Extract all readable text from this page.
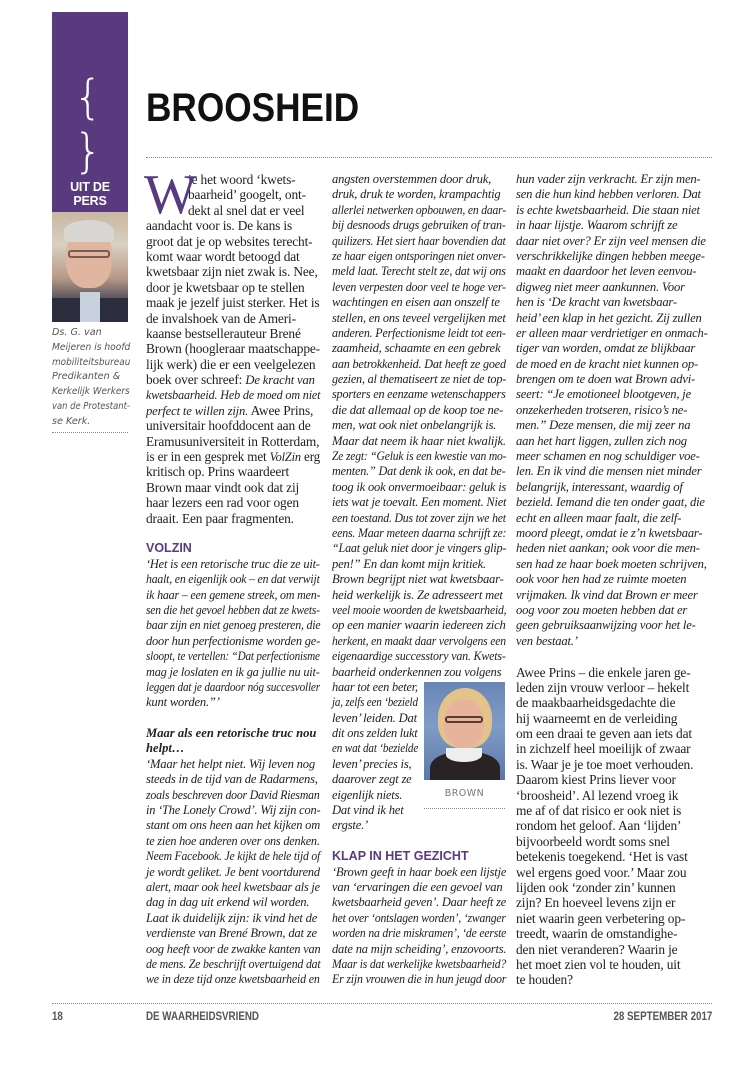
{ }
UIT DE PERS
Ds. G. van
Meijeren is hoofd
mobiliteitsbureau
Predikanten &
Kerkelijk Werkers
van de Protestant-
se Kerk.
BROOSHEID
W
ie het woord ‘kwets-
baarheid’ googelt, ont-
dekt al snel dat er veel
aandacht voor is. De kans is
groot dat je op websites terecht-
komt waar wordt betoogd dat
kwetsbaar zijn niet zwak is. Nee,
door je kwetsbaar op te stellen
maak je jezelf juist sterker. Het is
de invalshoek van de Ameri-
kaanse bestsellerauteur Brené
Brown (hoogleraar maatschappe-
lijk werk) die er een veelgelezen
boek over schreef: De kracht van
kwetsbaarheid. Heb de moed om niet
perfect te willen zijn. Awee Prins,
universitair hoofddocent aan de
Eramusuniversiteit in Rotterdam,
is er in een gesprek met VolZin erg
kritisch op. Prins waardeert
Brown maar vindt ook dat zij
haar lezers een rad voor ogen
draait. Een paar fragmenten.
VOLZIN
‘Het is een retorische truc die ze uit-
haalt, en eigenlijk ook – en dat verwijt
ik haar – een gemene streek, om men-
sen die het gevoel hebben dat ze kwets-
baar zijn en niet genoeg presteren, die
door hun perfectionisme worden ge-
sloopt, te vertellen: “Dat perfectionisme
mag je loslaten en ik ga jullie nu uit-
leggen dat je daardoor nóg succesvoller
kunt worden.”’
Maar als een retorische truc nou
helpt…
‘Maar het helpt niet. Wij leven nog
steeds in de tijd van de Radarmens,
zoals beschreven door David Riesman
in ‘The Lonely Crowd’. Wij zijn con-
stant om ons heen aan het kijken om
te zien hoe anderen over ons denken.
Neem Facebook. Je kijkt de hele tijd of
je wordt geliket. Je bent voortdurend
alert, maar ook heel kwetsbaar als je
dag in dag uit erkend wil worden.
Laat ik duidelijk zijn: ik vind het de
verdienste van Brené Brown, dat ze
oog heeft voor de zwakke kanten van
de mens. Ze beschrijft overtuigend dat
we in deze tijd onze kwetsbaarheid en
angsten overstemmen door druk,
druk, druk te worden, krampachtig
allerlei netwerken opbouwen, en daar-
bij desnoods drugs gebruiken of tran-
quilizers. Het siert haar bovendien dat
ze haar eigen ontsporingen niet onver-
meld laat. Terecht stelt ze, dat wij ons
leven verpesten door veel te hoge ver-
wachtingen en eisen aan onszelf te
stellen, en ons teveel vergelijken met
anderen. Perfectionisme leidt tot een-
zaamheid, schaamte en een gebrek
aan betrokkenheid. Dat heeft ze goed
gezien, al thematiseert ze niet de top-
sporters en eenzame wetenschappers
die dat allemaal op de koop toe ne-
men, wat ook niet onbelangrijk is.
Maar dat neem ik haar niet kwalijk.
Ze zegt: “Geluk is een kwestie van mo-
menten.” Dat denk ik ook, en dat be-
toog ik ook onvermoeibaar: geluk is
iets wat je toevalt. Een moment. Niet
een toestand. Dus tot zover zijn we het
eens. Maar meteen daarna schrijft ze:
“Laat geluk niet door je vingers glip-
pen!” En dan komt mijn kritiek.
Brown begrijpt niet wat kwetsbaar-
heid werkelijk is. Ze adresseert met
veel mooie woorden de kwetsbaarheid,
op een manier waarin iedereen zich
herkent, en maakt daar vervolgens een
eigenaardige successtory van. Kwets-
baarheid onderkennen zou volgens
haar tot een beter,
ja, zelfs een ‘bezield
leven’ leiden. Dat
dit ons zelden lukt
en wat dat ‘bezielde
leven’ precies is,
daarover zegt ze
eigenlijk niets.
Dat vind ik het
ergste.’
KLAP IN HET GEZICHT
‘Brown geeft in haar boek een lijstje
van ‘ervaringen die een gevoel van
kwetsbaarheid geven’. Daar heeft ze
het over ‘ontslagen worden’, ‘zwanger
worden na drie miskramen’, ‘de eerste
date na mijn scheiding’, enzovoorts.
Maar is dat werkelijke kwetsbaarheid?
Er zijn vrouwen die in hun jeugd door
hun vader zijn verkracht. Er zijn men-
sen die hun kind hebben verloren. Dat
is echte kwetsbaarheid. Die staan niet
in haar lijstje. Waarom schrijft ze
daar niet over? Er zijn veel mensen die
verschrikkelijke dingen hebben meege-
maakt en daardoor het leven eenvou-
digweg niet meer aankunnen. Voor
hen is ‘De kracht van kwetsbaar-
heid’ een klap in het gezicht. Zij zullen
er alleen maar verdrietiger en onmach-
tiger van worden, omdat ze blijkbaar
de moed en de kracht niet kunnen op-
brengen om te doen wat Brown advi-
seert: “Je emotioneel blootgeven, je
onzekerheden trotseren, risico’s ne-
men.” Deze mensen, die mij zeer na
aan het hart liggen, zullen zich nog
meer schamen en nog schuldiger voe-
len. En ik vind die mensen niet minder
belangrijk, interessant, waardig of
bezield. Iemand die ten onder gaat, die
echt en alleen maar faalt, die zelf-
moord pleegt, omdat ie z’n kwetsbaar-
heden niet aankan; ook voor die men-
sen had ze haar boek moeten schrijven,
ook voor hen had ze ruimte moeten
vrijmaken. Ik vind dat Brown er meer
oog voor zou moeten hebben dat er
geen gebruiksaanwijzing voor het le-
ven bestaat.’
Awee Prins – die enkele jaren ge-
leden zijn vrouw verloor – hekelt
de maakbaarheidsgedachte die
hij waarneemt en de verleiding
om een draai te geven aan iets dat
in zichzelf heel moeilijk of zwaar
is. Waar je je toe moet verhouden.
Daarom kiest Prins liever voor
‘broosheid’. Al lezend vroeg ik
me af of dat risico er ook niet is
rondom het geloof. Aan ‘lijden’
bijvoorbeeld wordt soms snel
betekenis toegekend. ‘Het is vast
wel ergens goed voor.’ Maar zou
lijden ook ‘zonder zin’ kunnen
zijn? En hoeveel levens zijn er
niet waarin geen verbetering op-
treedt, waarin de omstandighe-
den niet veranderen? Waarin je
het moet zien vol te houden, uit
te houden?
BROWN
18	DE WAARHEIDSVRIEND	28 SEPTEMBER 2017
